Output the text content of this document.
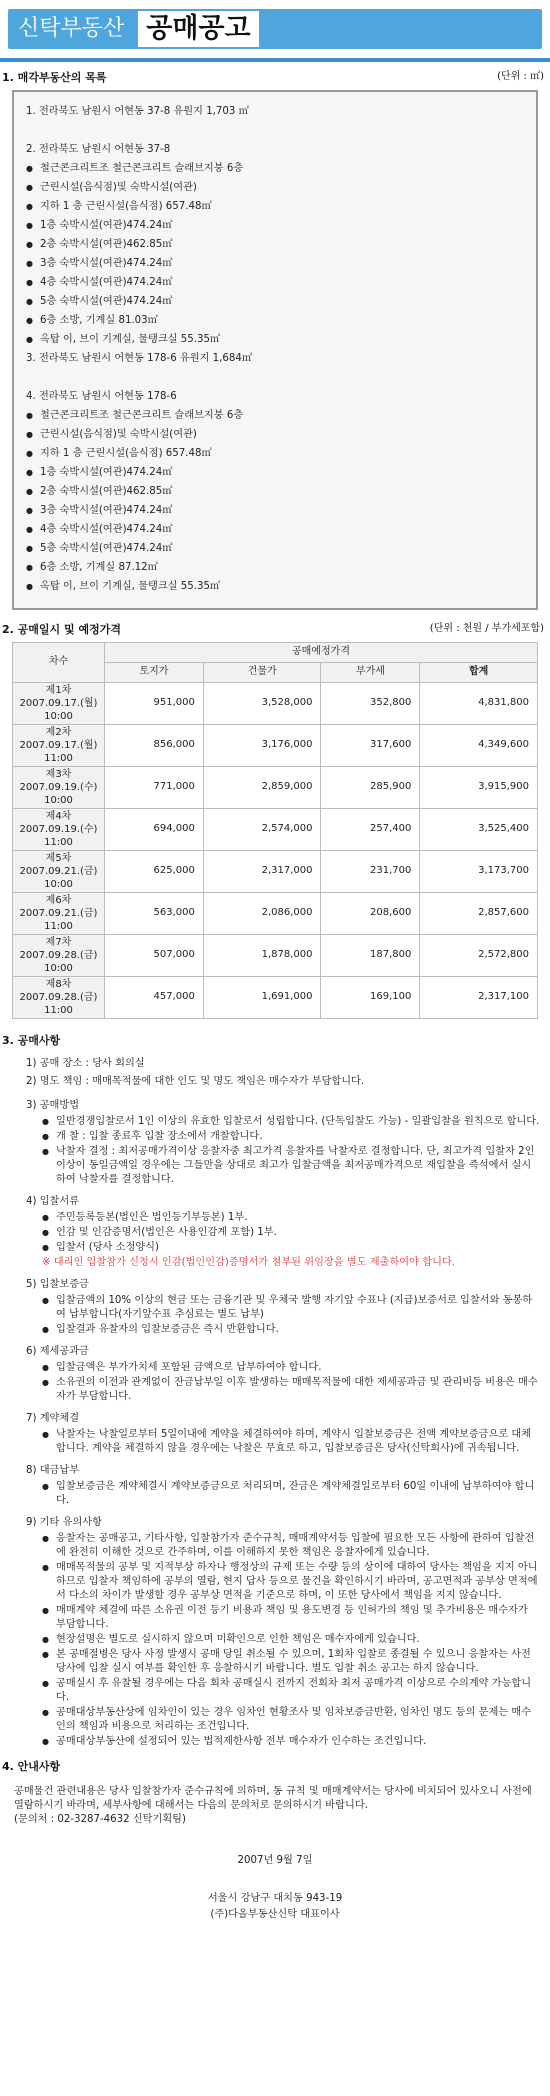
신탁부동산 공매공고
1. 매각부동산의 목록	(단위 : ㎡)
1. 전라북도 남원시 어현동 37-8 유원지 1,703 ㎡
2. 전라북도 남원시 어현동 37-8
● 철근콘크리트조 철근콘크리트 슬래브지붕 6층
● 근린시설(음식점)및 숙박시설(여관)
● 지하 1 층 근린시설(음식점) 657.48㎡
● 1층 숙박시설(여관)474.24㎡
● 2층 숙박시설(여관)462.85㎡
● 3층 숙박시설(여관)474.24㎡
● 4층 숙박시설(여관)474.24㎡
● 5층 숙박시설(여관)474.24㎡
● 6층 소방, 기계실 81.03㎡
● 옥탑 이, 브이 기계실, 물탱크실 55.35㎡
3. 전라북도 남원시 어현동 178-6 유원지 1,684㎡
4. 전라북도 남원시 어현동 178-6
● 철근콘크리트조 철근콘크리트 슬래브지붕 6층
● 근린시설(음식점)및 숙박시설(여관)
● 지하 1 층 근린시설(음식점) 657.48㎡
● 1층 숙박시설(여관)474.24㎡
● 2층 숙박시설(여관)462.85㎡
● 3층 숙박시설(여관)474.24㎡
● 4층 숙박시설(여관)474.24㎡
● 5층 숙박시설(여관)474.24㎡
● 6층 소방, 기계실 87.12㎡
● 옥탑 이, 브이 기계실, 물탱크실 55.35㎡
2. 공매일시 및 예정가격	(단위 : 천원 / 부가세포함)
차수	공매예정가격			
	토지가	건물가	부가세	합계

제1차
2007.09.17.(월)
10:00	951,000	3,528,000	352,800	4,831,800

제2차
2007.09.17.(월)
11:00	856,000	3,176,000	317,600	4,349,600

제3차
2007.09.19.(수)
10:00	771,000	2,859,000	285,900	3,915,900

제4차
2007.09.19.(수)
11:00	694,000	2,574,000	257,400	3,525,400

제5차
2007.09.21.(금)
10:00	625,000	2,317,000	231,700	3,173,700

제6차
2007.09.21.(금)
11:00	563,000	2,086,000	208,600	2,857,600

제7차
2007.09.28.(금)
10:00	507,000	1,878,000	187,800	2,572,800

제8차
2007.09.28.(금)
11:00	457,000	1,691,000	169,100	2,317,100
3. 공매사항
1) 공매 장소 : 당사 회의실
2) 명도 책임 : 매매목적물에 대한 인도 및 명도 책임은 매수자가 부담합니다.
3) 공매방법
● 일반경쟁입찰로서 1인 이상의 유효한 입찰로서 성립합니다. (단독입찰도 가능) - 일괄입찰을 원칙으로 합니다.
● 개 찰 : 입찰 종료후 입찰 장소에서 개찰합니다.
● 낙찰자 결정 : 최저공매가격이상 응찰자중 최고가격 응찰자를 낙찰자로 결정합니다. 단, 최고가격 입찰자 2인 이상이 동일금액일 경우에는 그들만을 상대로 최고가 입찰금액을 최저공매가격으로 재입찰을 즉석에서 실시하여 낙찰자를 결정합니다.
4) 입찰서류
● 주민등록등본(법인은 법인등기부등본) 1부.
● 인감 및 인감증명서(법인은 사용인감계 포함) 1부.
● 입찰서 (당사 소정양식)
※ 대리인 입찰참가 신청시 인감(법인인감)증명서가 첨부된 위임장을 별도 제출하여야 합니다.
5) 입찰보증금
● 입찰금액의 10% 이상의 현금 또는 금융기관 및 우체국 발행 자기앞 수표나 (지급)보증서로 입찰서와 동봉하여 납부합니다(자기앞수표 추심료는 별도 납부)
● 입찰결과 유찰자의 입찰보증금은 즉시 반환합니다.
6) 제세공과금
● 입찰금액은 부가가치세 포함된 금액으로 납부하여야 합니다.
● 소유권의 이전과 관계없이 잔금납부일 이후 발생하는 매매목적물에 대한 제세공과금 및 관리비등 비용은 매수자가 부담합니다.
7) 계약체결
● 낙찰자는 낙찰일로부터 5일이내에 계약을 체결하여야 하며, 계약시 입찰보증금은 전액 계약보증금으로 대체합니다. 계약을 체결하지 않을 경우에는 낙찰은 무효로 하고, 입찰보증금은 당사(신탁회사)에 귀속됩니다.
8) 대금납부
● 입찰보증금은 계약체결시 계약보증금으로 처리되며, 잔금은 계약체결일로부터 60일 이내에 납부하여야 합니다.
9) 기타 유의사항
● 응찰자는 공매공고, 기타사항, 입찰참가자 준수규칙, 매매계약서등 입찰에 필요한 모든 사항에 관하여 입찰전에 완전히 이해한 것으로 간주하며, 이를 이해하지 못한 책임은 응찰자에게 있습니다.
● 매매목적물의 공부 및 지적부상 하자나 행정상의 규제 또는 수량 등의 상이에 대하여 당사는 책임을 지지 아니하므로 입찰자 책임하에 공부의 열람, 현지 답사 등으로 물건을 확인하시기 바라며, 공고면적과 공부상 면적에서 다소의 차이가 발생할 경우 공부상 면적을 기준으로 하며, 이 또한 당사에서 책임을 지지 않습니다.
● 매매계약 체결에 따른 소유권 이전 등기 비용과 책임 및 용도변경 등 인허가의 책임 및 추가비용은 매수자가 부담합니다.
● 현장설명은 별도로 실시하지 않으며 미확인으로 인한 책임은 매수자에게 있습니다.
● 본 공매절병은 당사 사정 발생시 공매 당일 취소될 수 있으며, 1회차 입찰로 종결될 수 있으니 응찰자는 사전 당사에 입찰 실시 여부를 확인한 후 응찰하시기 바랍니다. 별도 입찰 취소 공고는 하지 않습니다.
● 공매실시 후 유찰될 경우에는 다음 회차 공매실시 전까지 전회차 최저 공매가격 이상으로 수의계약 가능합니다.
● 공매대상부동산상에 임차인이 있는 경우 임차인 현황조사 및 임차보증금반환, 임차인 명도 등의 문제는 매수인의 책임과 비용으로 처리하는 조건입니다.
● 공매대상부동산에 설정되어 있는 법적제한사항 전부 매수자가 인수하는 조건입니다.
4. 안내사항
공매물건 관련내용은 당사 입찰참가자 준수규칙에 의하며, 동 규칙 및 매매계약서는 당사에 비치되어 있사오니 사전에 열람하시기 바라며, 세부사항에 대해서는 다음의 문의처로 문의하시기 바랍니다.
(문의처 : 02-3287-4632 신탁기획팀)
2007년 9월 7일
서울시 강남구 대치동 943-19
(주)다올부동산신탁 대표이사
